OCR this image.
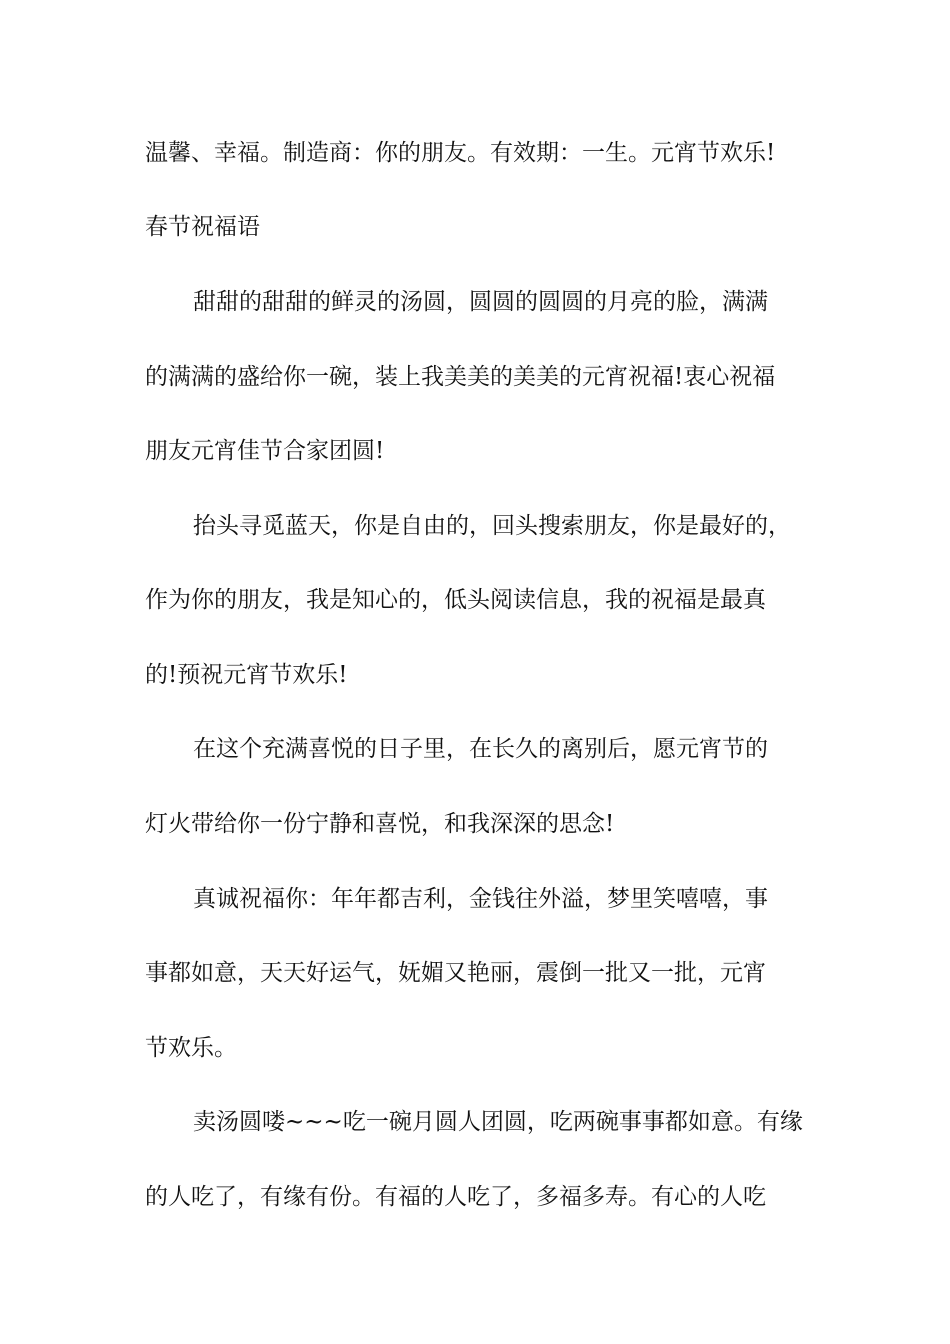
温馨、幸福。制造商：你的朋友。有效期：一生。元宵节欢乐!

春节祝福语

甜甜的甜甜的鲜灵的汤圆，圆圆的圆圆的月亮的脸，满满

的满满的盛给你一碗，装上我美美的美美的元宵祝福!衷心祝福

朋友元宵佳节合家团圆!

抬头寻觅蓝天，你是自由的，回头搜索朋友，你是最好的，

作为你的朋友，我是知心的，低头阅读信息，我的祝福是最真

的!预祝元宵节欢乐!

在这个充满喜悦的日子里，在长久的离别后，愿元宵节的

灯火带给你一份宁静和喜悦，和我深深的思念!

真诚祝福你：年年都吉利，金钱往外溢，梦里笑嘻嘻，事

事都如意，天天好运气，妩媚又艳丽，震倒一批又一批，元宵

节欢乐。

卖汤圆喽~~~吃一碗月圆人团圆，吃两碗事事都如意。有缘

的人吃了，有缘有份。有福的人吃了，多福多寿。有心的人吃
